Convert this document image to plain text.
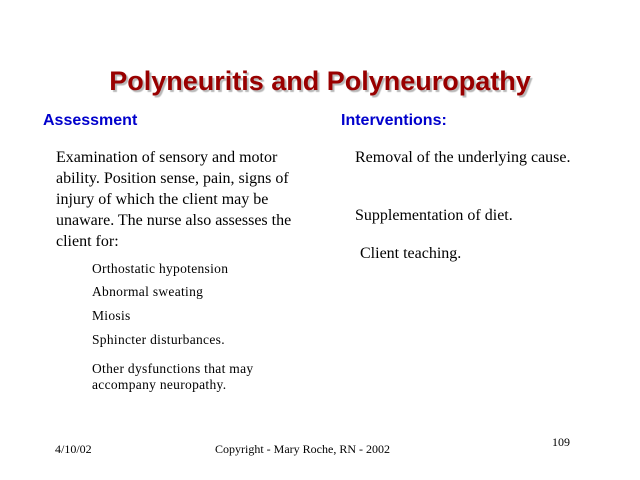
Polyneuritis and Polyneuropathy
Assessment
Examination of sensory and motor ability. Position sense, pain, signs of injury of which the client may be unaware. The nurse also assesses the client for:
Orthostatic hypotension
Abnormal sweating
Miosis
Sphincter disturbances.
Other dysfunctions that may accompany neuropathy.
Interventions:
Removal of the underlying cause.
Supplementation of diet.
Client teaching.
4/10/02	Copyright - Mary Roche, RN - 2002	109
